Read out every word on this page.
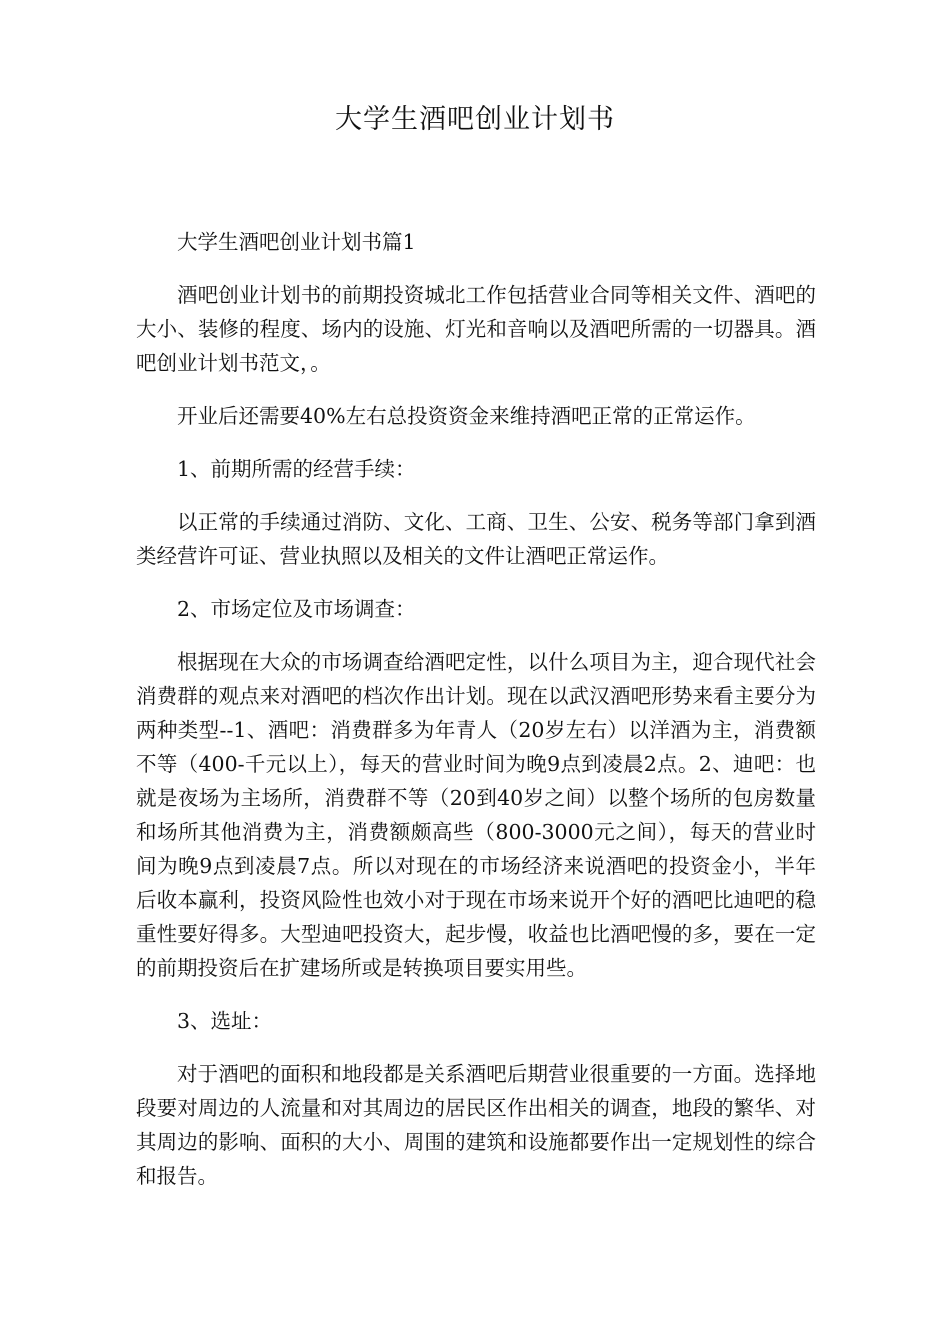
大学生酒吧创业计划书

大学生酒吧创业计划书篇1

酒吧创业计划书的前期投资城北工作包括营业合同等相关文件、酒吧的大小、装修的程度、场内的设施、灯光和音响以及酒吧所需的一切器具。酒吧创业计划书范文，。

开业后还需要40%左右总投资资金来维持酒吧正常的正常运作。

1、前期所需的经营手续：

以正常的手续通过消防、文化、工商、卫生、公安、税务等部门拿到酒类经营许可证、营业执照以及相关的文件让酒吧正常运作。

2、市场定位及市场调查：

根据现在大众的市场调查给酒吧定性，以什么项目为主，迎合现代社会消费群的观点来对酒吧的档次作出计划。现在以武汉酒吧形势来看主要分为两种类型--1、酒吧：消费群多为年青人（20岁左右）以洋酒为主，消费额不等（400-千元以上），每天的营业时间为晚9点到凌晨2点。2、迪吧：也就是夜场为主场所，消费群不等（20到40岁之间）以整个场所的包房数量和场所其他消费为主，消费额颇高些（800-3000元之间），每天的营业时间为晚9点到凌晨7点。所以对现在的市场经济来说酒吧的投资金小，半年后收本赢利，投资风险性也效小对于现在市场来说开个好的酒吧比迪吧的稳重性要好得多。大型迪吧投资大，起步慢，收益也比酒吧慢的多，要在一定的前期投资后在扩建场所或是转换项目要实用些。

3、选址：

对于酒吧的面积和地段都是关系酒吧后期营业很重要的一方面。选择地段要对周边的人流量和对其周边的居民区作出相关的调查，地段的繁华、对其周边的影响、面积的大小、周围的建筑和设施都要作出一定规划性的综合和报告。
